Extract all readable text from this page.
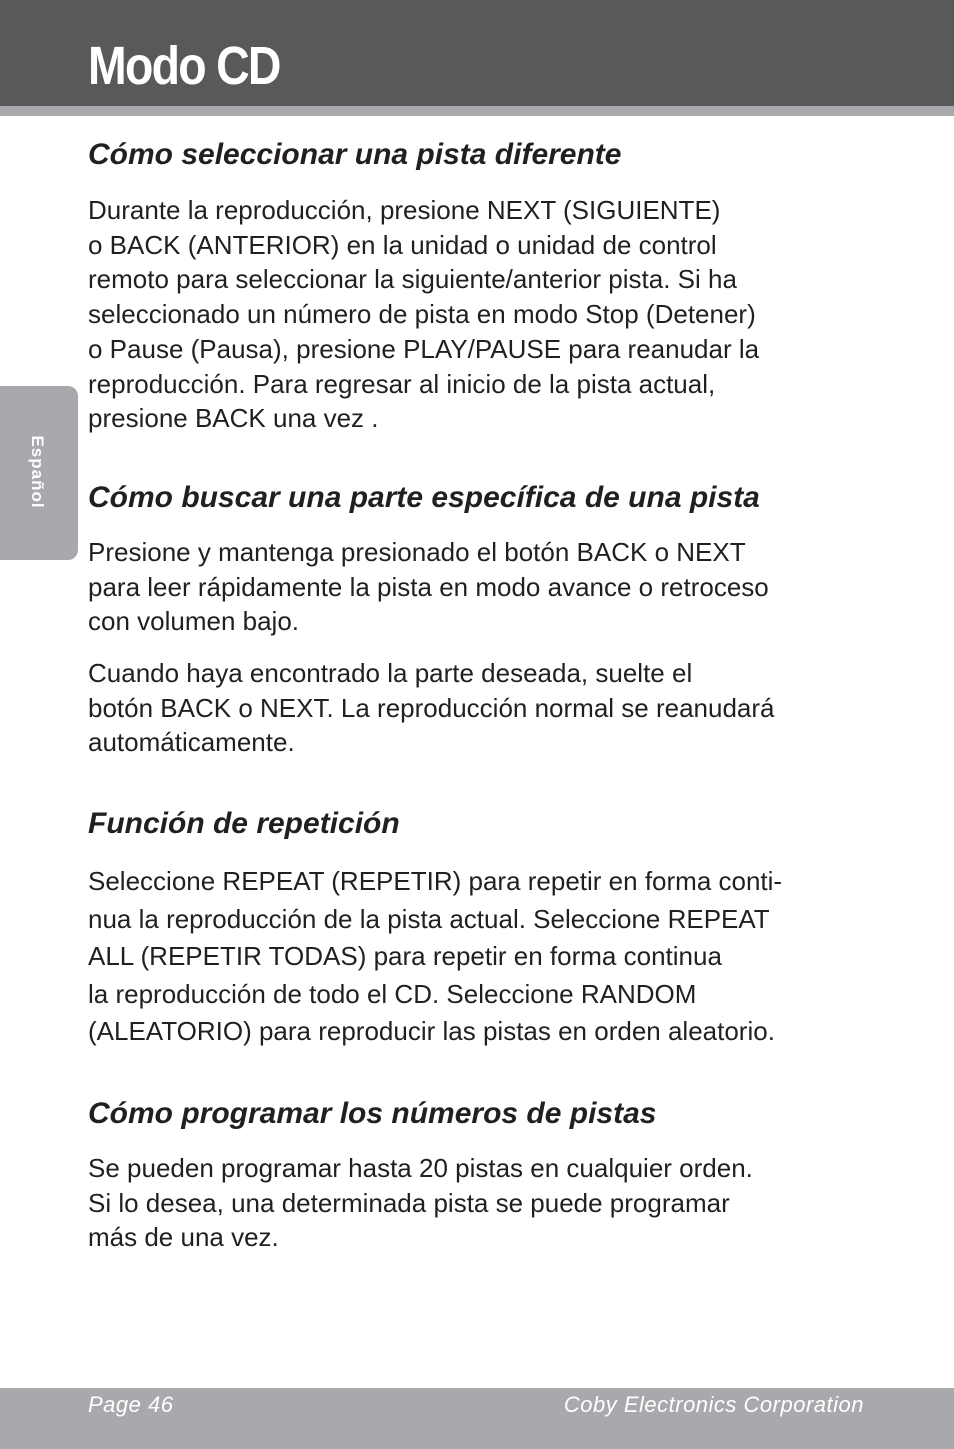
Modo CD
Español
Cómo seleccionar una pista diferente

Durante la reproducción, presione NEXT (SIGUIENTE)
o BACK (ANTERIOR) en la unidad o unidad de control
remoto para seleccionar la siguiente/anterior pista. Si ha
seleccionado un número de pista en modo Stop (Detener)
o Pause (Pausa), presione PLAY/PAUSE para reanudar la
reproducción. Para regresar al inicio de la pista actual,
presione BACK una vez .

Cómo buscar una parte específica de una pista

Presione y mantenga presionado el botón BACK o NEXT
para leer rápidamente la pista en modo avance o retroceso
con volumen bajo.

Cuando haya encontrado la parte deseada, suelte el
botón BACK o NEXT. La reproducción normal se reanudará
automáticamente.

Función de repetición

Seleccione REPEAT (REPETIR) para repetir en forma conti-
nua la reproducción de la pista actual. Seleccione REPEAT
ALL (REPETIR TODAS) para repetir en forma continua
la reproducción de todo el CD. Seleccione RANDOM
(ALEATORIO) para reproducir las pistas en orden aleatorio.

Cómo programar los números de pistas

Se pueden programar hasta 20 pistas en cualquier orden.
Si lo desea, una determinada pista se puede programar
más de una vez.

Page 46	Coby Electronics Corporation
